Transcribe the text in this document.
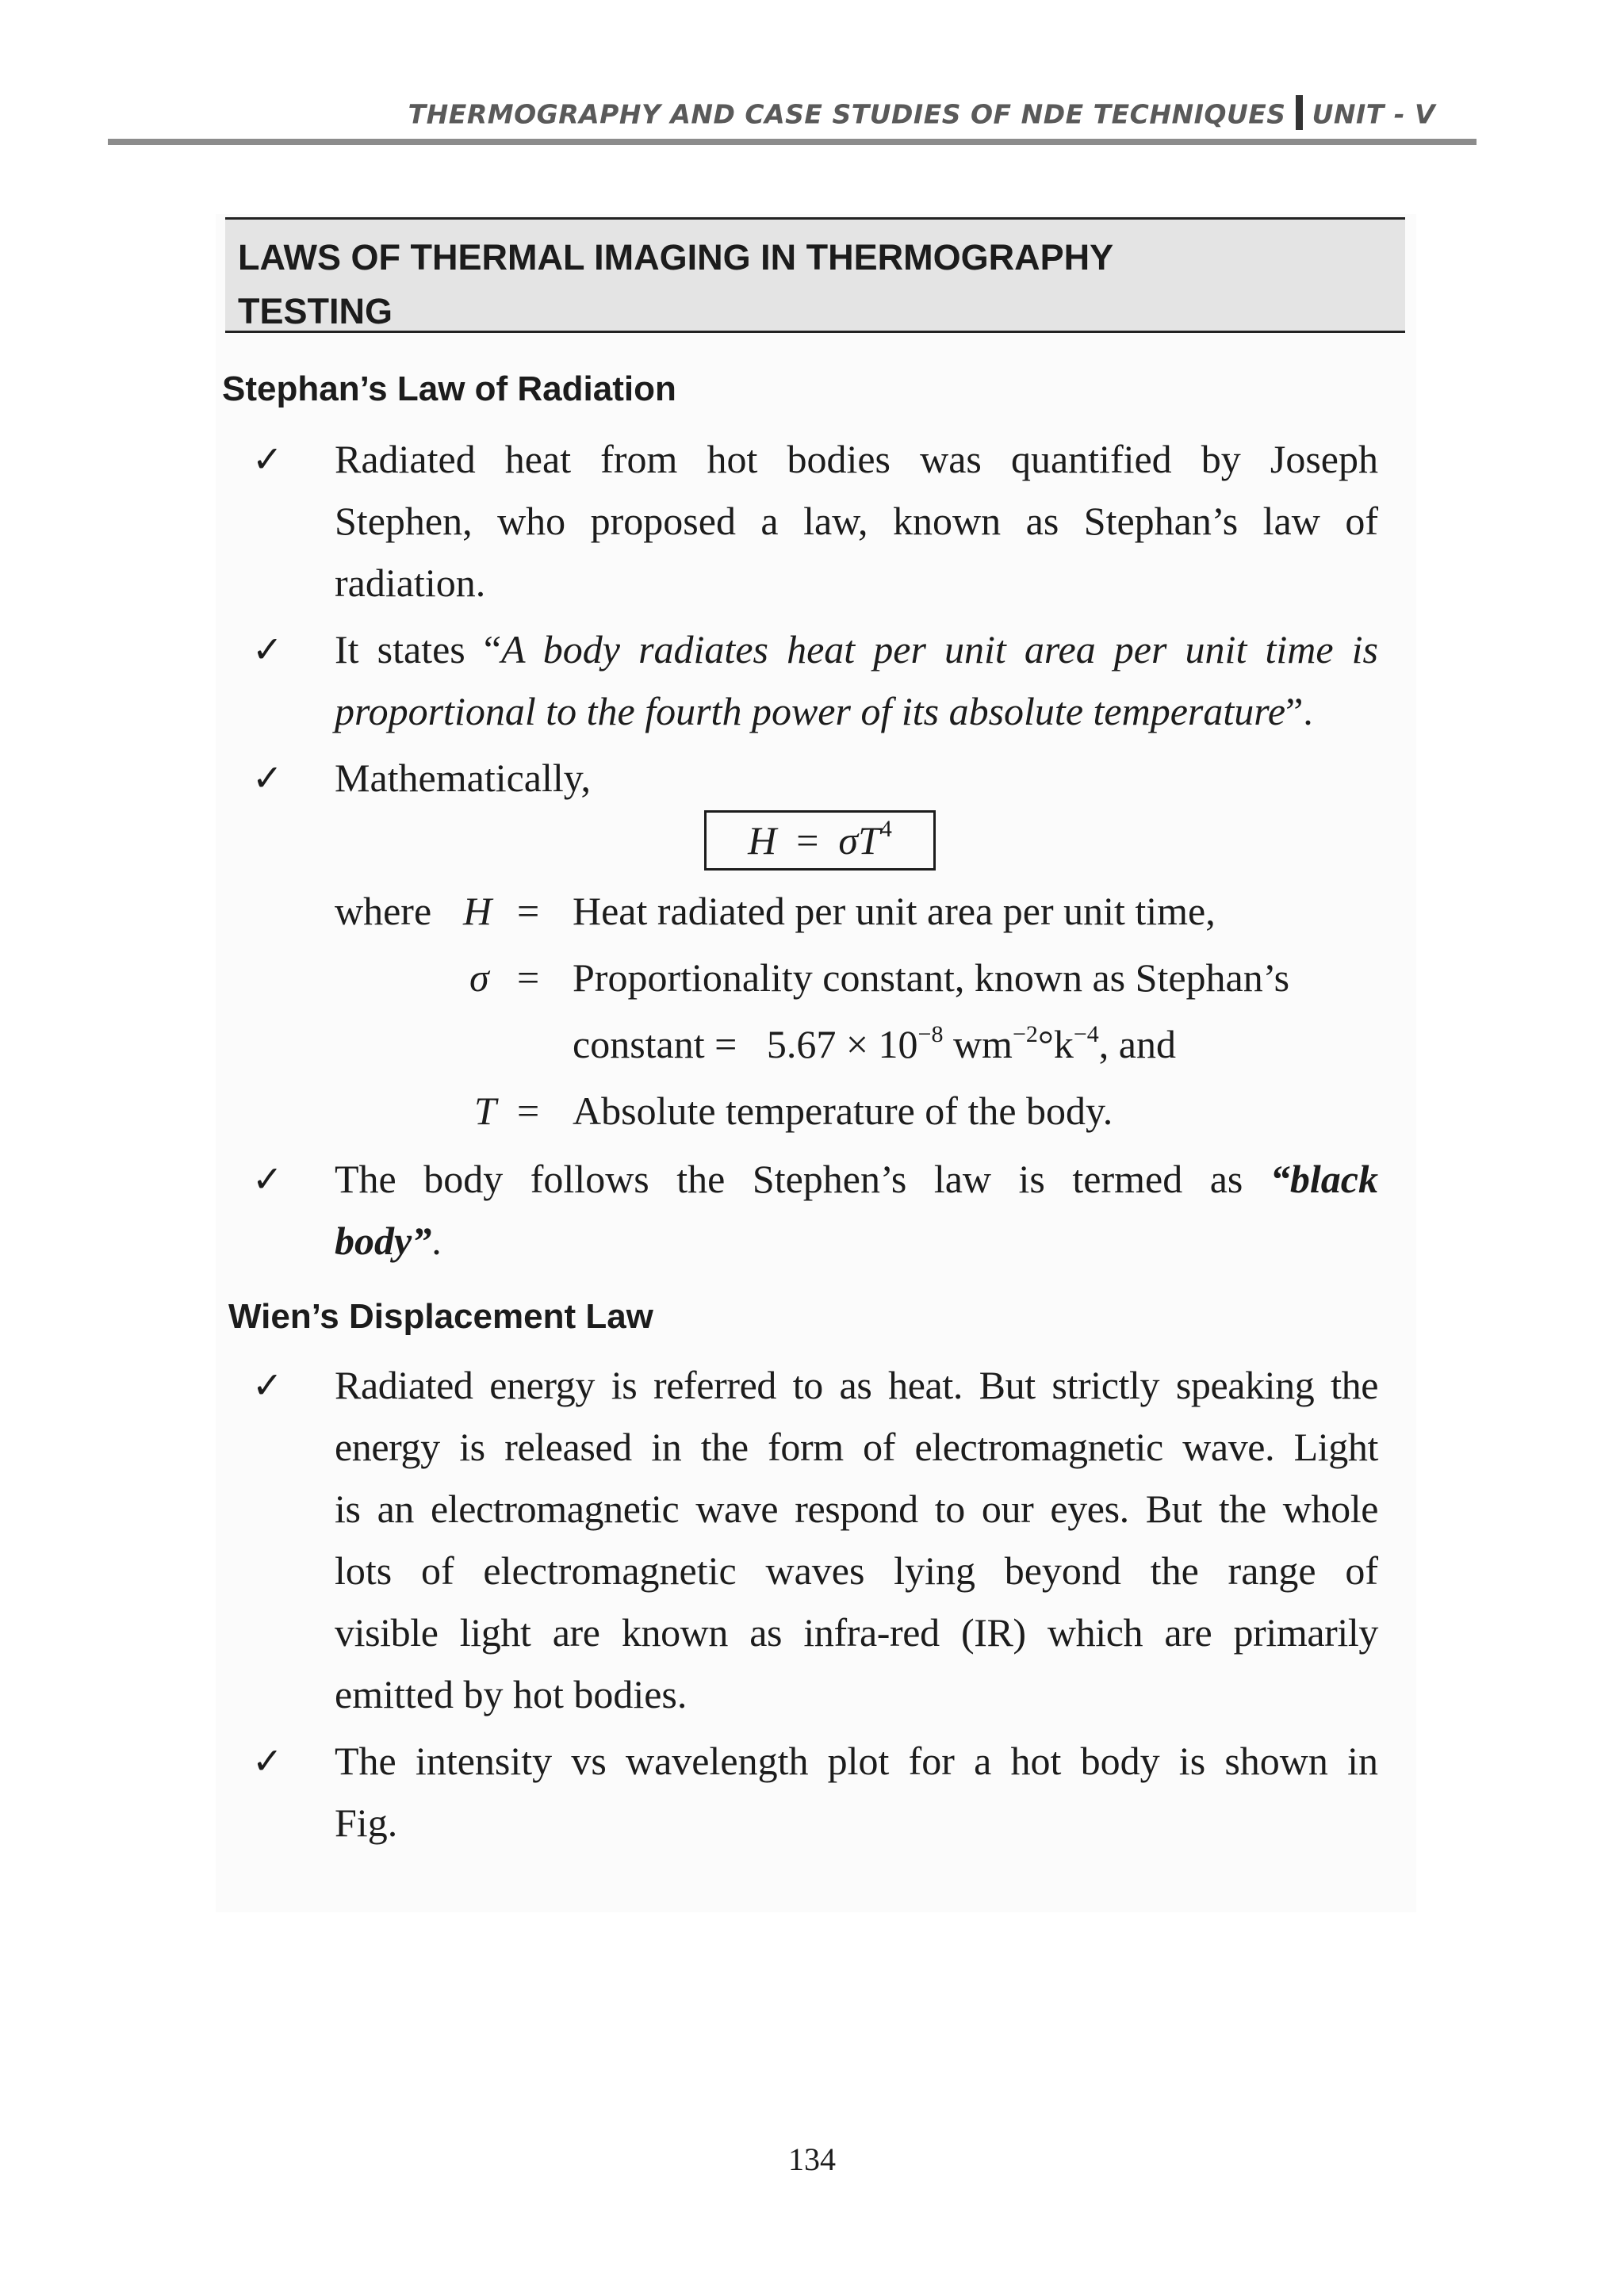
THERMOGRAPHY AND CASE STUDIES OF NDE TECHNIQUES UNIT - V
LAWS OF THERMAL IMAGING IN THERMOGRAPHY
TESTING
Stephan’s Law of Radiation
✓ Radiated heat from hot bodies was quantified by Joseph
Stephen, who proposed a law, known as Stephan’s law of
radiation.
✓ It states “A body radiates heat per unit area per unit time is
proportional to the fourth power of its absolute temperature”.
✓ Mathematically,
$H = \sigma T^4$
where H = Heat radiated per unit area per unit time,
σ = Proportionality constant, known as Stephan’s
constant = $5.67 \times 10^{-8}$ $wm^{-2}^\circ k^{-4}$, and
T = Absolute temperature of the body.
✓ The body follows the Stephen’s law is termed as “black
body”.
Wien’s Displacement Law
✓ Radiated energy is referred to as heat. But strictly speaking the
energy is released in the form of electromagnetic wave. Light
is an electromagnetic wave respond to our eyes. But the whole
lots of electromagnetic waves lying beyond the range of
visible light are known as infra-red (IR) which are primarily
emitted by hot bodies.
✓ The intensity vs wavelength plot for a hot body is shown in
Fig.
134
